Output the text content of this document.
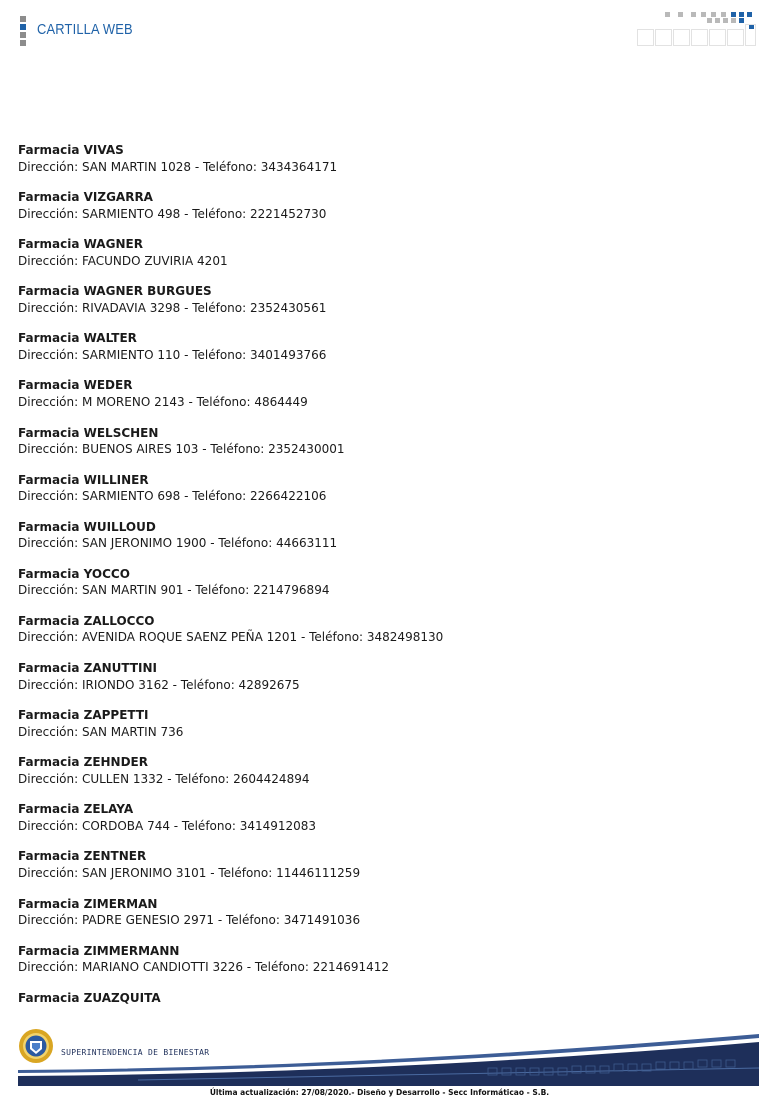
CARTILLA WEB
Farmacia VIVAS
Dirección: SAN MARTIN 1028 - Teléfono: 3434364171
Farmacia VIZGARRA
Dirección: SARMIENTO 498 - Teléfono: 2221452730
Farmacia WAGNER
Dirección: FACUNDO ZUVIRIA 4201
Farmacia WAGNER BURGUES
Dirección: RIVADAVIA 3298 - Teléfono: 2352430561
Farmacia WALTER
Dirección: SARMIENTO 110 - Teléfono: 3401493766
Farmacia WEDER
Dirección: M MORENO 2143 - Teléfono: 4864449
Farmacia WELSCHEN
Dirección: BUENOS AIRES 103 - Teléfono: 2352430001
Farmacia WILLINER
Dirección: SARMIENTO 698 - Teléfono: 2266422106
Farmacia WUILLOUD
Dirección: SAN JERONIMO 1900 - Teléfono: 44663111
Farmacia YOCCO
Dirección: SAN MARTIN 901 - Teléfono: 2214796894
Farmacia ZALLOCCO
Dirección: AVENIDA ROQUE SAENZ PEÑA 1201 - Teléfono: 3482498130
Farmacia ZANUTTINI
Dirección: IRIONDO 3162 - Teléfono: 42892675
Farmacia ZAPPETTI
Dirección: SAN MARTIN 736
Farmacia ZEHNDER
Dirección: CULLEN 1332 - Teléfono: 2604424894
Farmacia ZELAYA
Dirección: CORDOBA 744 - Teléfono: 3414912083
Farmacia ZENTNER
Dirección: SAN JERONIMO 3101 - Teléfono: 11446111259
Farmacia ZIMERMAN
Dirección: PADRE GENESIO 2971 - Teléfono: 3471491036
Farmacia ZIMMERMANN
Dirección: MARIANO CANDIOTTI 3226 - Teléfono: 2214691412
Farmacia ZUAZQUITA
SUPERINTENDENCIA DE BIENESTAR
Última actualización: 27/08/2020.- Diseño y Desarrollo - Secc Informáticao - S.B.
